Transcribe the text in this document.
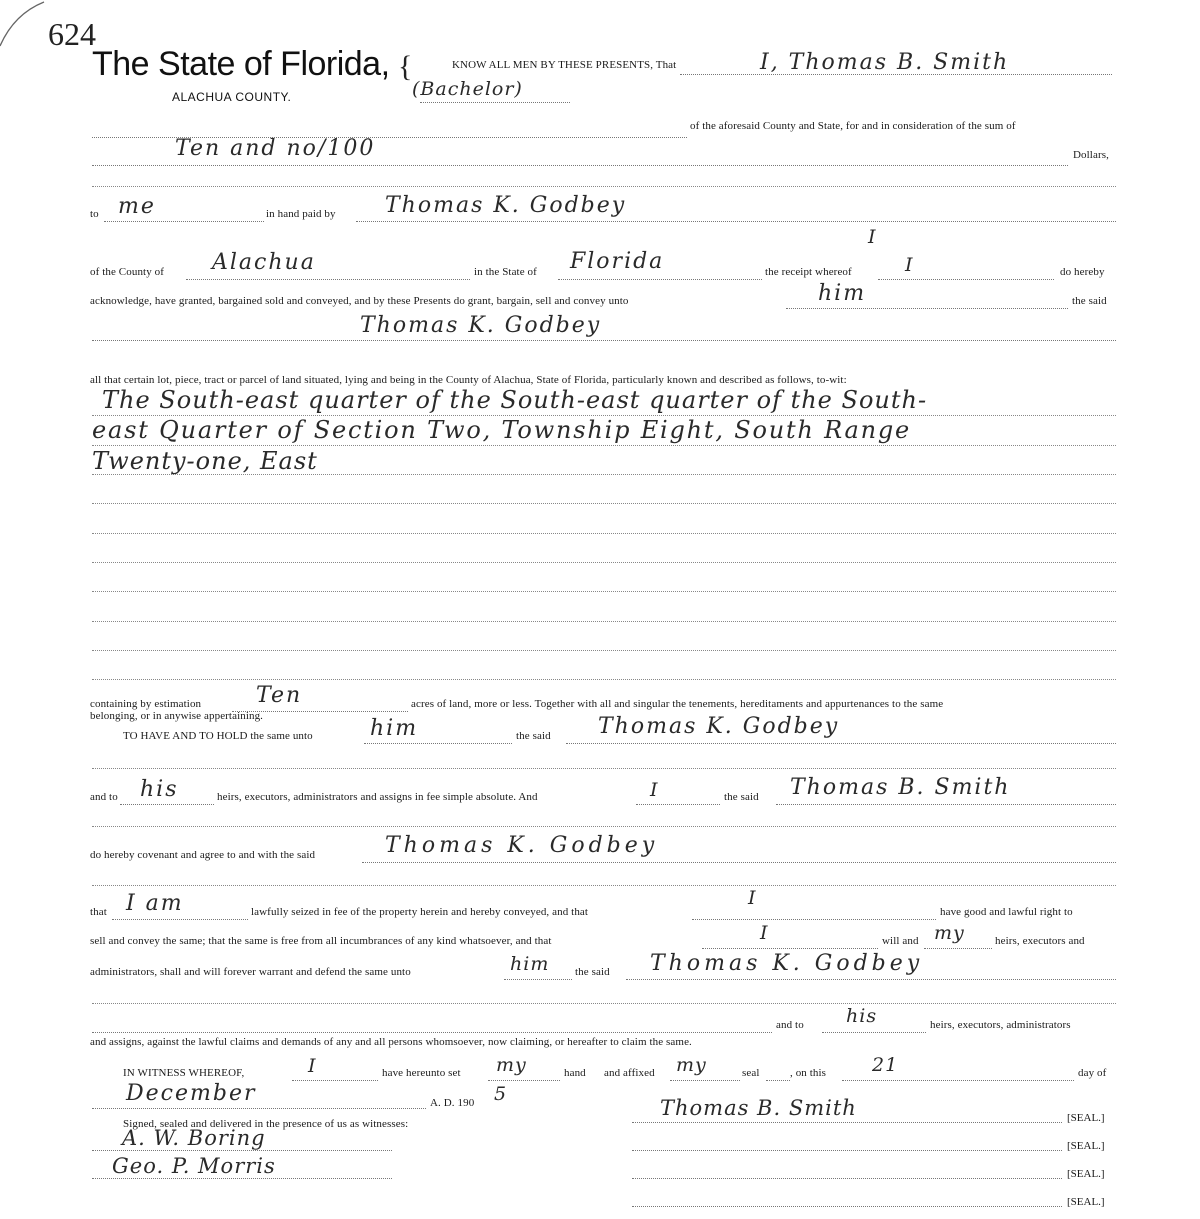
624
The State of Florida,
ALACHUA COUNTY.
{	KNOW ALL MEN BY THESE PRESENTS, That	I, Thomas B. Smith
(Bachelor)
of the aforesaid County and State, for and in consideration of the sum of
Ten and no/100	Dollars,
to me	in hand paid by Thomas K. Godbey
I
of the County of Alachua	in the State of Florida	the receipt whereof	I	do hereby
acknowledge, have granted, bargained sold and conveyed, and by these Presents do grant, bargain, sell and convey unto	him	the said
Thomas K. Godbey
all that certain lot, piece, tract or parcel of land situated, lying and being in the County of Alachua, State of Florida, particularly known and described as follows, to-wit:
The South-east quarter of the South-east quarter of the South-
east Quarter of Section Two, Township Eight, South Range
Twenty-one, East
containing by estimation Ten	acres of land, more or less. Together with all and singular the tenements, hereditaments and appurtenances to the same
belonging, or in anywise appertaining.
TO HAVE AND TO HOLD the same unto	him	the said Thomas K. Godbey
and to his	heirs, executors, administrators and assigns in fee simple absolute. And	I	the said Thomas B. Smith
do hereby covenant and agree to and with the said	Thomas K. Godbey
that I am	lawfully seized in fee of the property herein and hereby conveyed, and that
I
have good and lawful right to
sell and convey the same; that the same is free from all incumbrances of any kind whatsoever, and that	I	will and my	heirs, executors and
administrators, shall and will forever warrant and defend the same unto	him the said Thomas K. Godbey
and to his	heirs, executors, administrators
and assigns, against the lawful claims and demands of any and all persons whomsoever, now claiming, or hereafter to claim the same.
IN WITNESS WHEREOF,	I	have hereunto set my	hand and affixed my	seal	, on this 21	day of
December	A. D. 190 5
Thomas B. Smith	[SEAL.]
Signed, sealed and delivered in the presence of us as witnesses:
A. W. Boring	[SEAL.]
Geo. P. Morris	[SEAL.]
[SEAL.]
